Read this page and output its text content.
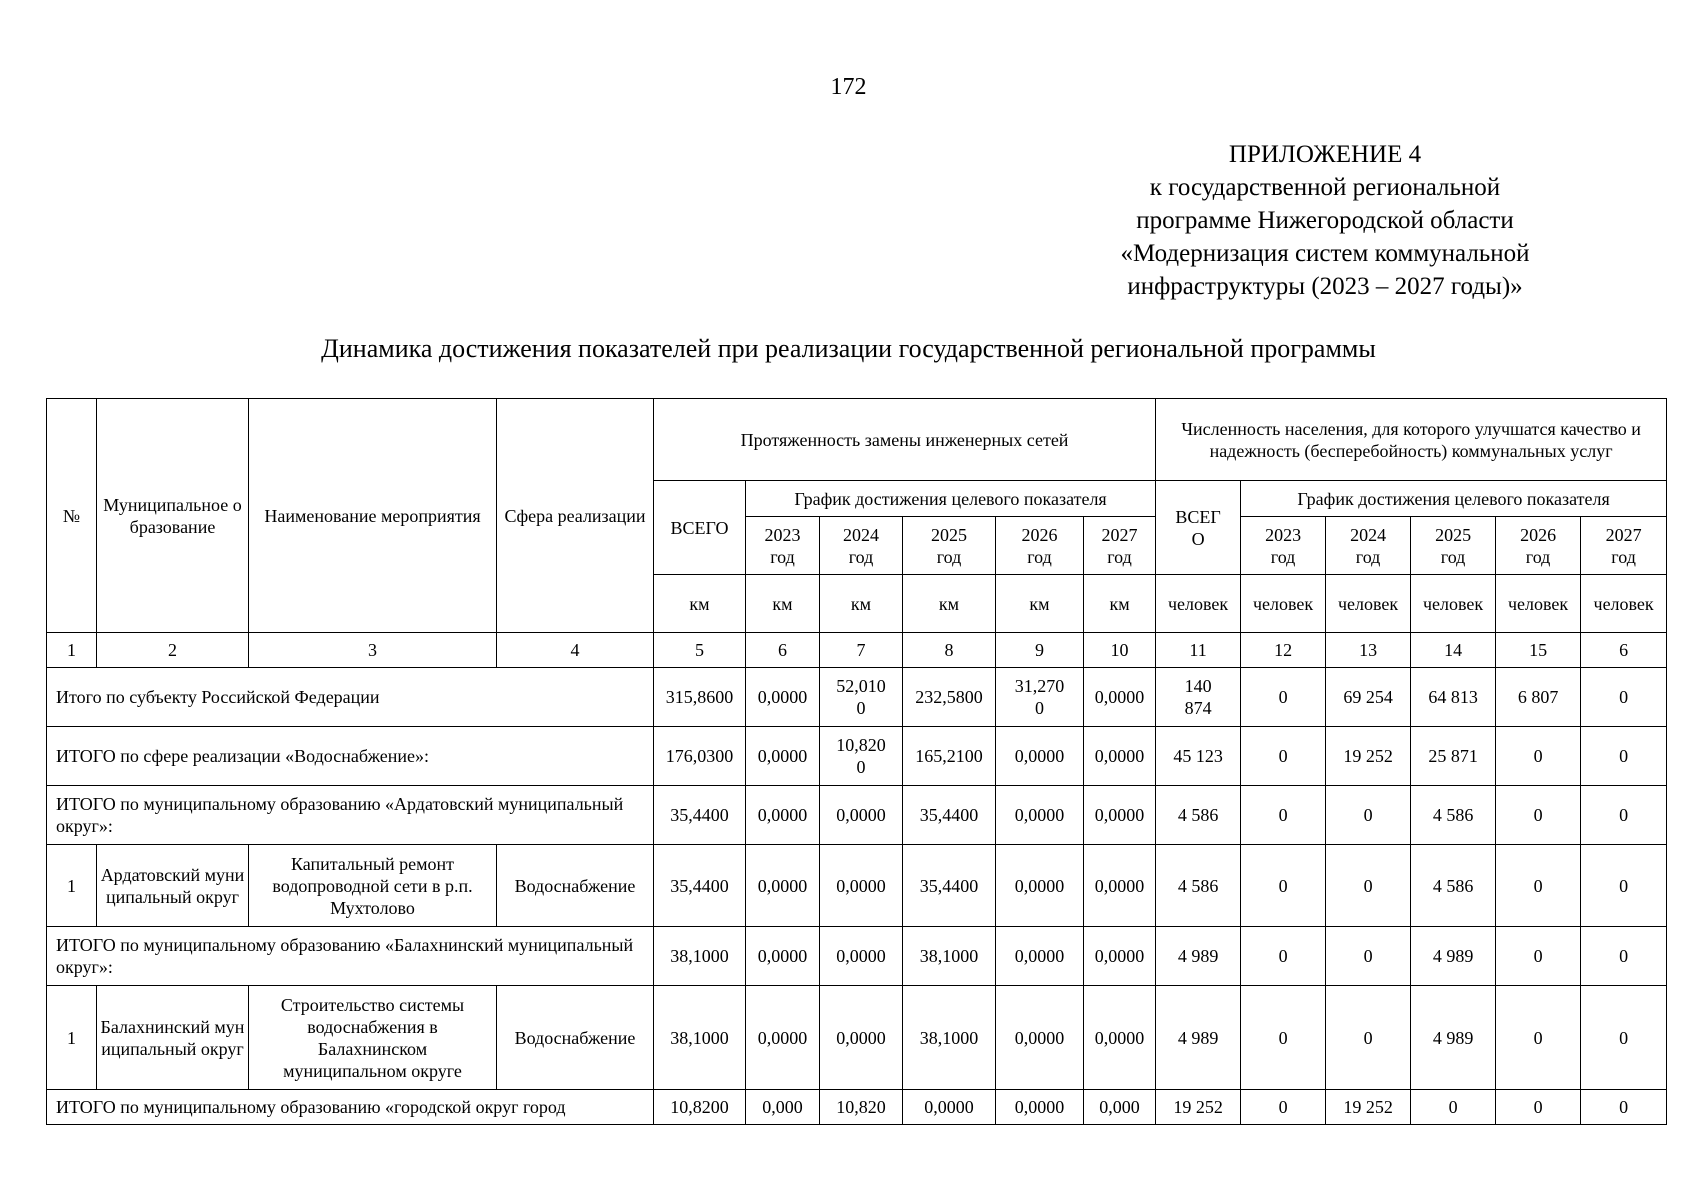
172
ПРИЛОЖЕНИЕ 4
к государственной региональной
программе Нижегородской области
«Модернизация систем коммунальной
инфраструктуры (2023 – 2027 годы)»
Динамика достижения показателей при реализации государственной региональной программы
№	Муниципальное образование	Наименование мероприятия	Сфера реализации	Протяженность замены инженерных сетей						Численность населения, для которого улучшатся качество и надежность (бесперебойность) коммунальных услуг					
				ВСЕГО	График достижения целевого показателя					ВСЕГО	График достижения целевого показателя				
					2023 год	2024 год	2025 год	2026 год	2027 год		2023 год	2024 год	2025 год	2026 год	2027 год
				км	км	км	км	км	км	человек	человек	человек	человек	человек	человек
1	2	3	4	5	6	7	8	9	10	11	12	13	14	15	6
Итого по субъекту Российской Федерации				315,8600	0,0000	52,0100	232,5800	31,2700	0,0000	140 874	0	69 254	64 813	6 807	0
ИТОГО по сфере реализации «Водоснабжение»:				176,0300	0,0000	10,8200	165,2100	0,0000	0,0000	45 123	0	19 252	25 871	0	0
ИТОГО по муниципальному образованию «Ардатовский муниципальный округ»:				35,4400	0,0000	0,0000	35,4400	0,0000	0,0000	4 586	0	0	4 586	0	0
1	Ардатовский муниципальный округ	Капитальный ремонт водопроводной сети в р.п. Мухтолово	Водоснабжение	35,4400	0,0000	0,0000	35,4400	0,0000	0,0000	4 586	0	0	4 586	0	0
ИТОГО по муниципальному образованию «Балахнинский муниципальный округ»:				38,1000	0,0000	0,0000	38,1000	0,0000	0,0000	4 989	0	0	4 989	0	0
1	Балахнинский муниципальный округ	Строительство системы водоснабжения в Балахнинском муниципальном округе	Водоснабжение	38,1000	0,0000	0,0000	38,1000	0,0000	0,0000	4 989	0	0	4 989	0	0
ИТОГО по муниципальному образованию «городской округ город				10,8200	0,000	10,820	0,0000	0,0000	0,000	19 252	0	19 252	0	0	0
